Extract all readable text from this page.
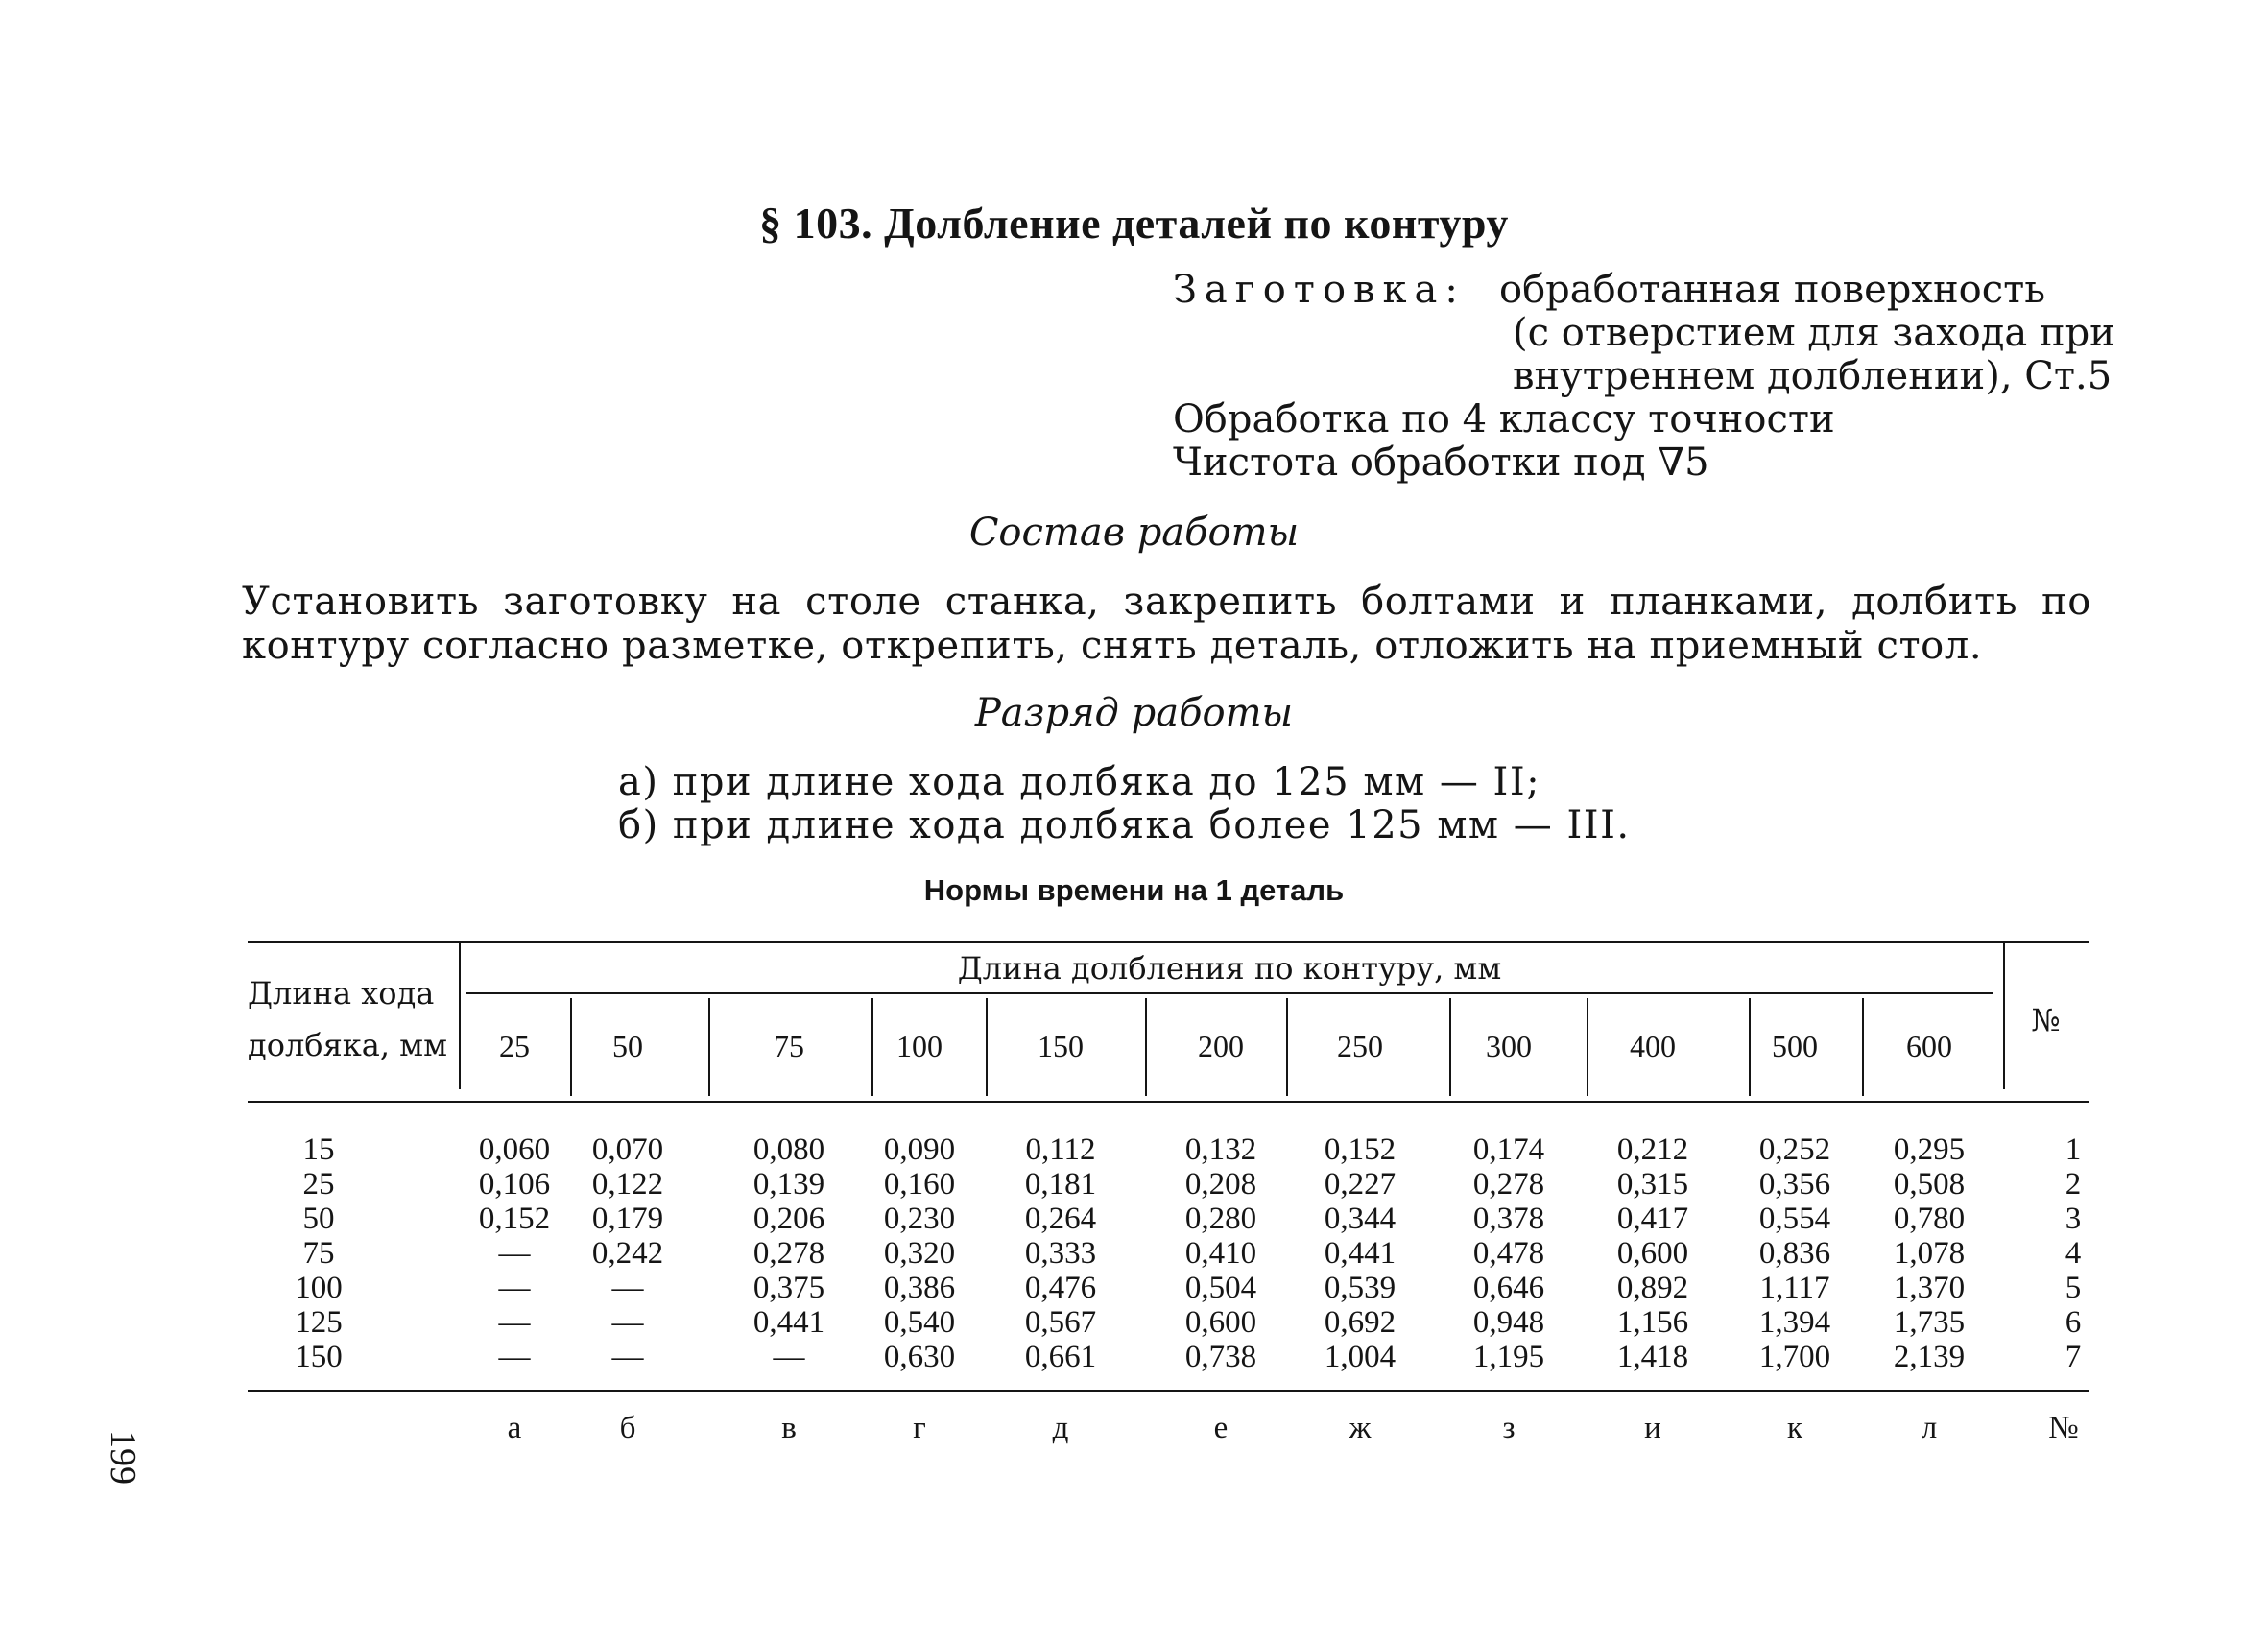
§ 103. Долбление деталей по контуру
Заготовка: обработанная поверхность
(с отверстием для захода при
внутреннем долблении), Ст.5
Обработка по 4 классу точности
Чистота обработки под ∇5
Состав работы
Установить заготовку на столе станка, закрепить болтами и планками, долбить по контуру согласно разметке, открепить, снять деталь, отложить на приемный стол.
Разряд работы
а) при длине хода долбяка до 125 мм — II;
б) при длине хода долбяка более 125 мм — III.
Нормы времени на 1 деталь
Длина хода
долбяка, мм
Длина долбления по контуру, мм
№
25	50	75	100	150	200	250	300	400	500	600
15	0,060	0,070	0,080	0,090	0,112	0,132	0,152	0,174	0,212	0,252	0,295	1
25	0,106	0,122	0,139	0,160	0,181	0,208	0,227	0,278	0,315	0,356	0,508	2
50	0,152	0,179	0,206	0,230	0,264	0,280	0,344	0,378	0,417	0,554	0,780	3
75	—	0,242	0,278	0,320	0,333	0,410	0,441	0,478	0,600	0,836	1,078	4
100	—	—	0,375	0,386	0,476	0,504	0,539	0,646	0,892	1,117	1,370	5
125	—	—	0,441	0,540	0,567	0,600	0,692	0,948	1,156	1,394	1,735	6
150	—	—	—	0,630	0,661	0,738	1,004	1,195	1,418	1,700	2,139	7
а	б	в	г	д	е	ж	з	и	к	л	№
199
